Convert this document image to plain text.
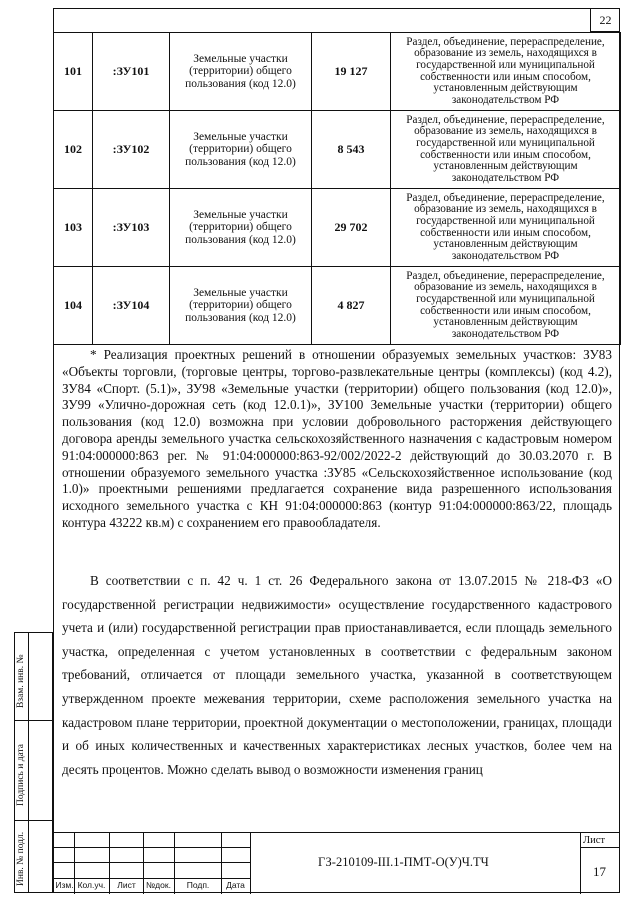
22
101	:ЗУ101	Земельные участки (территории) общего пользования (код 12.0)	19 127	Раздел, объединение, перераспределение, образование из земель, находящихся в государственной или муниципальной собственности или иным способом, установленным действующим законодательством РФ
102	:ЗУ102	Земельные участки (территории) общего пользования (код 12.0)	8 543	Раздел, объединение, перераспределение, образование из земель, находящихся в государственной или муниципальной собственности или иным способом, установленным действующим законодательством РФ
103	:ЗУ103	Земельные участки (территории) общего пользования (код 12.0)	29 702	Раздел, объединение, перераспределение, образование из земель, находящихся в государственной или муниципальной собственности или иным способом, установленным действующим законодательством РФ
104	:ЗУ104	Земельные участки (территории) общего пользования (код 12.0)	4 827	Раздел, объединение, перераспределение, образование из земель, находящихся в государственной или муниципальной собственности или иным способом, установленным действующим законодательством РФ

* Реализация проектных решений в отношении образуемых земельных участков: ЗУ83 «Объекты торговли, (торговые центры, торгово-развлекательные центры (комплексы) (код 4.2), ЗУ84 «Спорт. (5.1)», ЗУ98 «Земельные участки (территории) общего пользования (код 12.0)», ЗУ99 «Улично-дорожная сеть (код 12.0.1)», ЗУ100 Земельные участки (территории) общего пользования (код 12.0) возможна при условии добровольного расторжения действующего договора аренды земельного участка сельскохозяйственного назначения с кадастровым номером 91:04:000000:863 рег. № 91:04:000000:863-92/002/2022-2 действующий до 30.03.2070 г. В отношении образуемого земельного участка :ЗУ85 «Сельскохозяйственное использование (код 1.0)» проектными решениями предлагается сохранение вида разрешенного использования исходного земельного участка с КН 91:04:000000:863 (контур 91:04:000000:863/22, площадь контура 43222 кв.м) с сохранением его правообладателя.

В соответствии с п. 42 ч. 1 ст. 26 Федерального закона от 13.07.2015 № 218-ФЗ «О государственной регистрации недвижимости» осуществление государственного кадастрового учета и (или) государственной регистрации прав приостанавливается, если площадь земельного участка, определенная с учетом установленных в соответствии с федеральным законом требований, отличается от площади земельного участка, указанной в соответствующем утвержденном проекте межевания территории, схеме расположения земельного участка на кадастровом плане территории, проектной документации о местоположении, границах, площади и об иных количественных и качественных характеристиках лесных участков, более чем на десять процентов. Можно сделать вывод о возможности изменения границ

Взам. инв. №
Подпись и дата
Инв. № подл.	Изм. Кол.уч.	Лист	№док.	Подп.	Дата
ГЗ-210109-III.1-ПМТ-О(У)Ч.ТЧ
Лист
17
